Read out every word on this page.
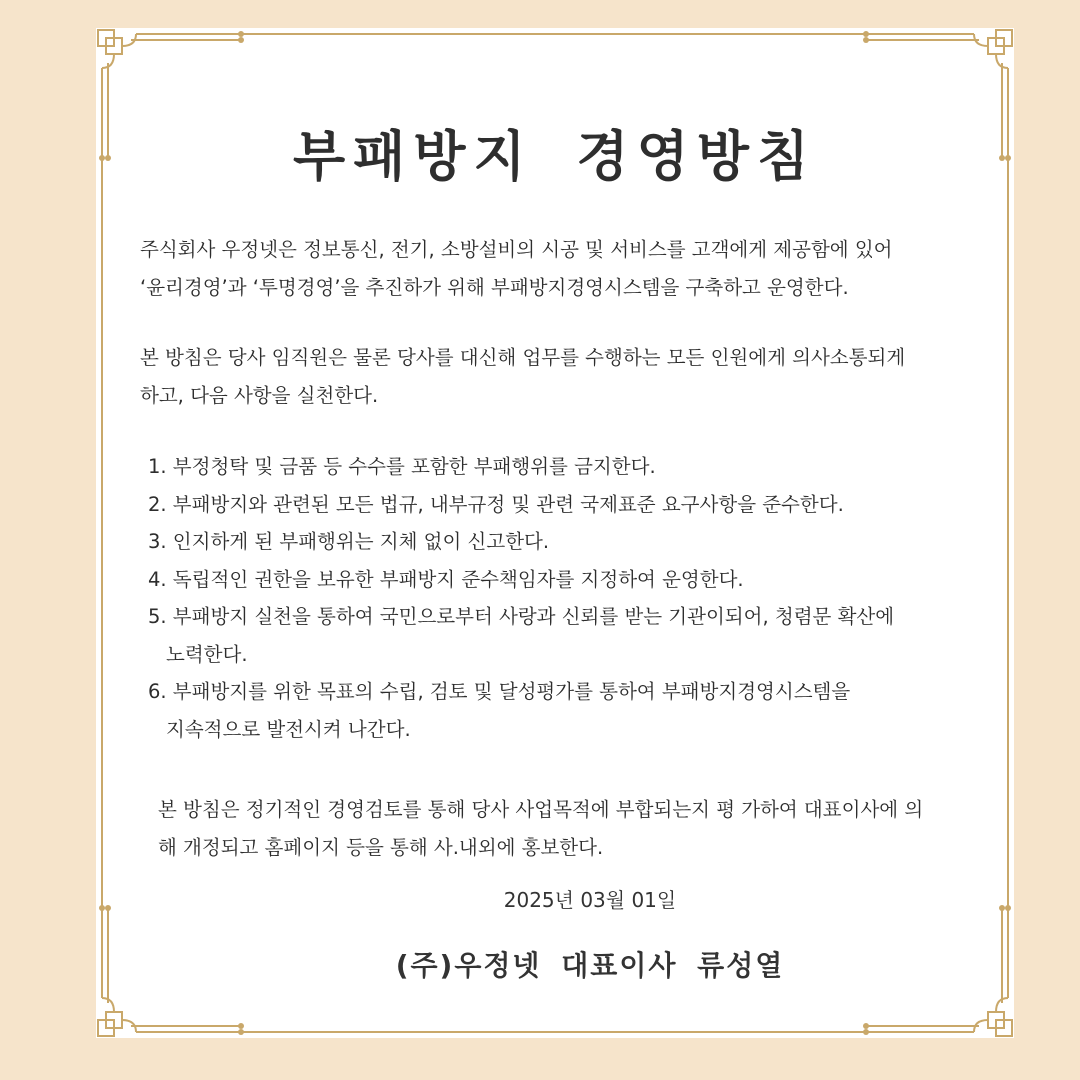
부패방지 경영방침

주식회사 우정넷은 정보통신, 전기, 소방설비의 시공 및 서비스를 고객에게 제공함에 있어
‘윤리경영’과 ‘투명경영’을 추진하가 위해 부패방지경영시스템을 구축하고 운영한다.

본 방침은 당사 임직원은 물론 당사를 대신해 업무를 수행하는 모든 인원에게 의사소통되게
하고, 다음 사항을 실천한다.

1. 부정청탁 및 금품 등 수수를 포함한 부패행위를 금지한다.
2. 부패방지와 관련된 모든 법규, 내부규정 및 관련 국제표준 요구사항을 준수한다.
3. 인지하게 된 부패행위는 지체 없이 신고한다.
4. 독립적인 권한을 보유한 부패방지 준수책임자를 지정하여 운영한다.
5. 부패방지 실천을 통하여 국민으로부터 사랑과 신뢰를 받는 기관이되어, 청렴문 확산에
노력한다.
6. 부패방지를 위한 목표의 수립, 검토 및 달성평가를 통하여 부패방지경영시스템을
지속적으로 발전시켜 나간다.

본 방침은 정기적인 경영검토를 통해 당사 사업목적에 부합되는지 평 가하여 대표이사에 의
해 개정되고 홈페이지 등을 통해 사.내외에 홍보한다.

2025년 03월 01일
(주)우정넷 대표이사 류성열
